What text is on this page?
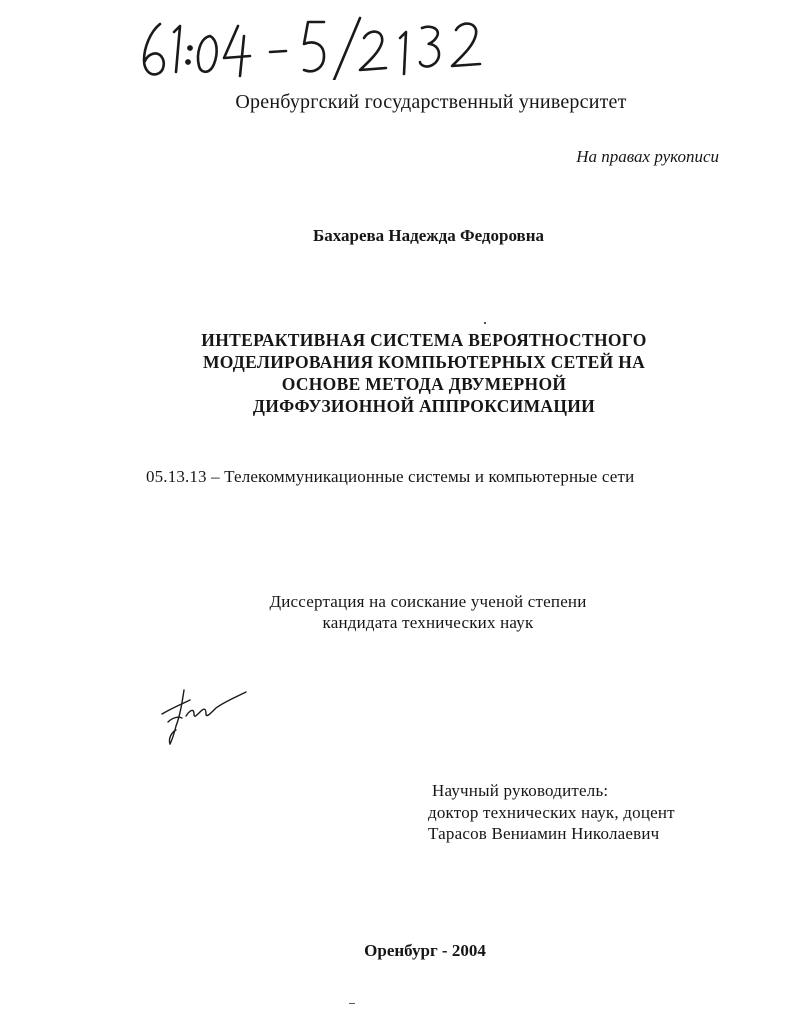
Оренбургский государственный университет

На правах рукописи

Бахарева Надежда Федоровна

ИНТЕРАКТИВНАЯ СИСТЕМА ВЕРОЯТНОСТНОГО
МОДЕЛИРОВАНИЯ КОМПЬЮТЕРНЫХ СЕТЕЙ НА
ОСНОВЕ МЕТОДА ДВУМЕРНОЙ
ДИФФУЗИОННОЙ АППРОКСИМАЦИИ

05.13.13 – Телекоммуникационные системы и компьютерные сети

Диссертация на соискание ученой степени
кандидата технических наук
Научный руководитель:
доктор технических наук, доцент
Тарасов Вениамин Николаевич

Оренбург - 2004
